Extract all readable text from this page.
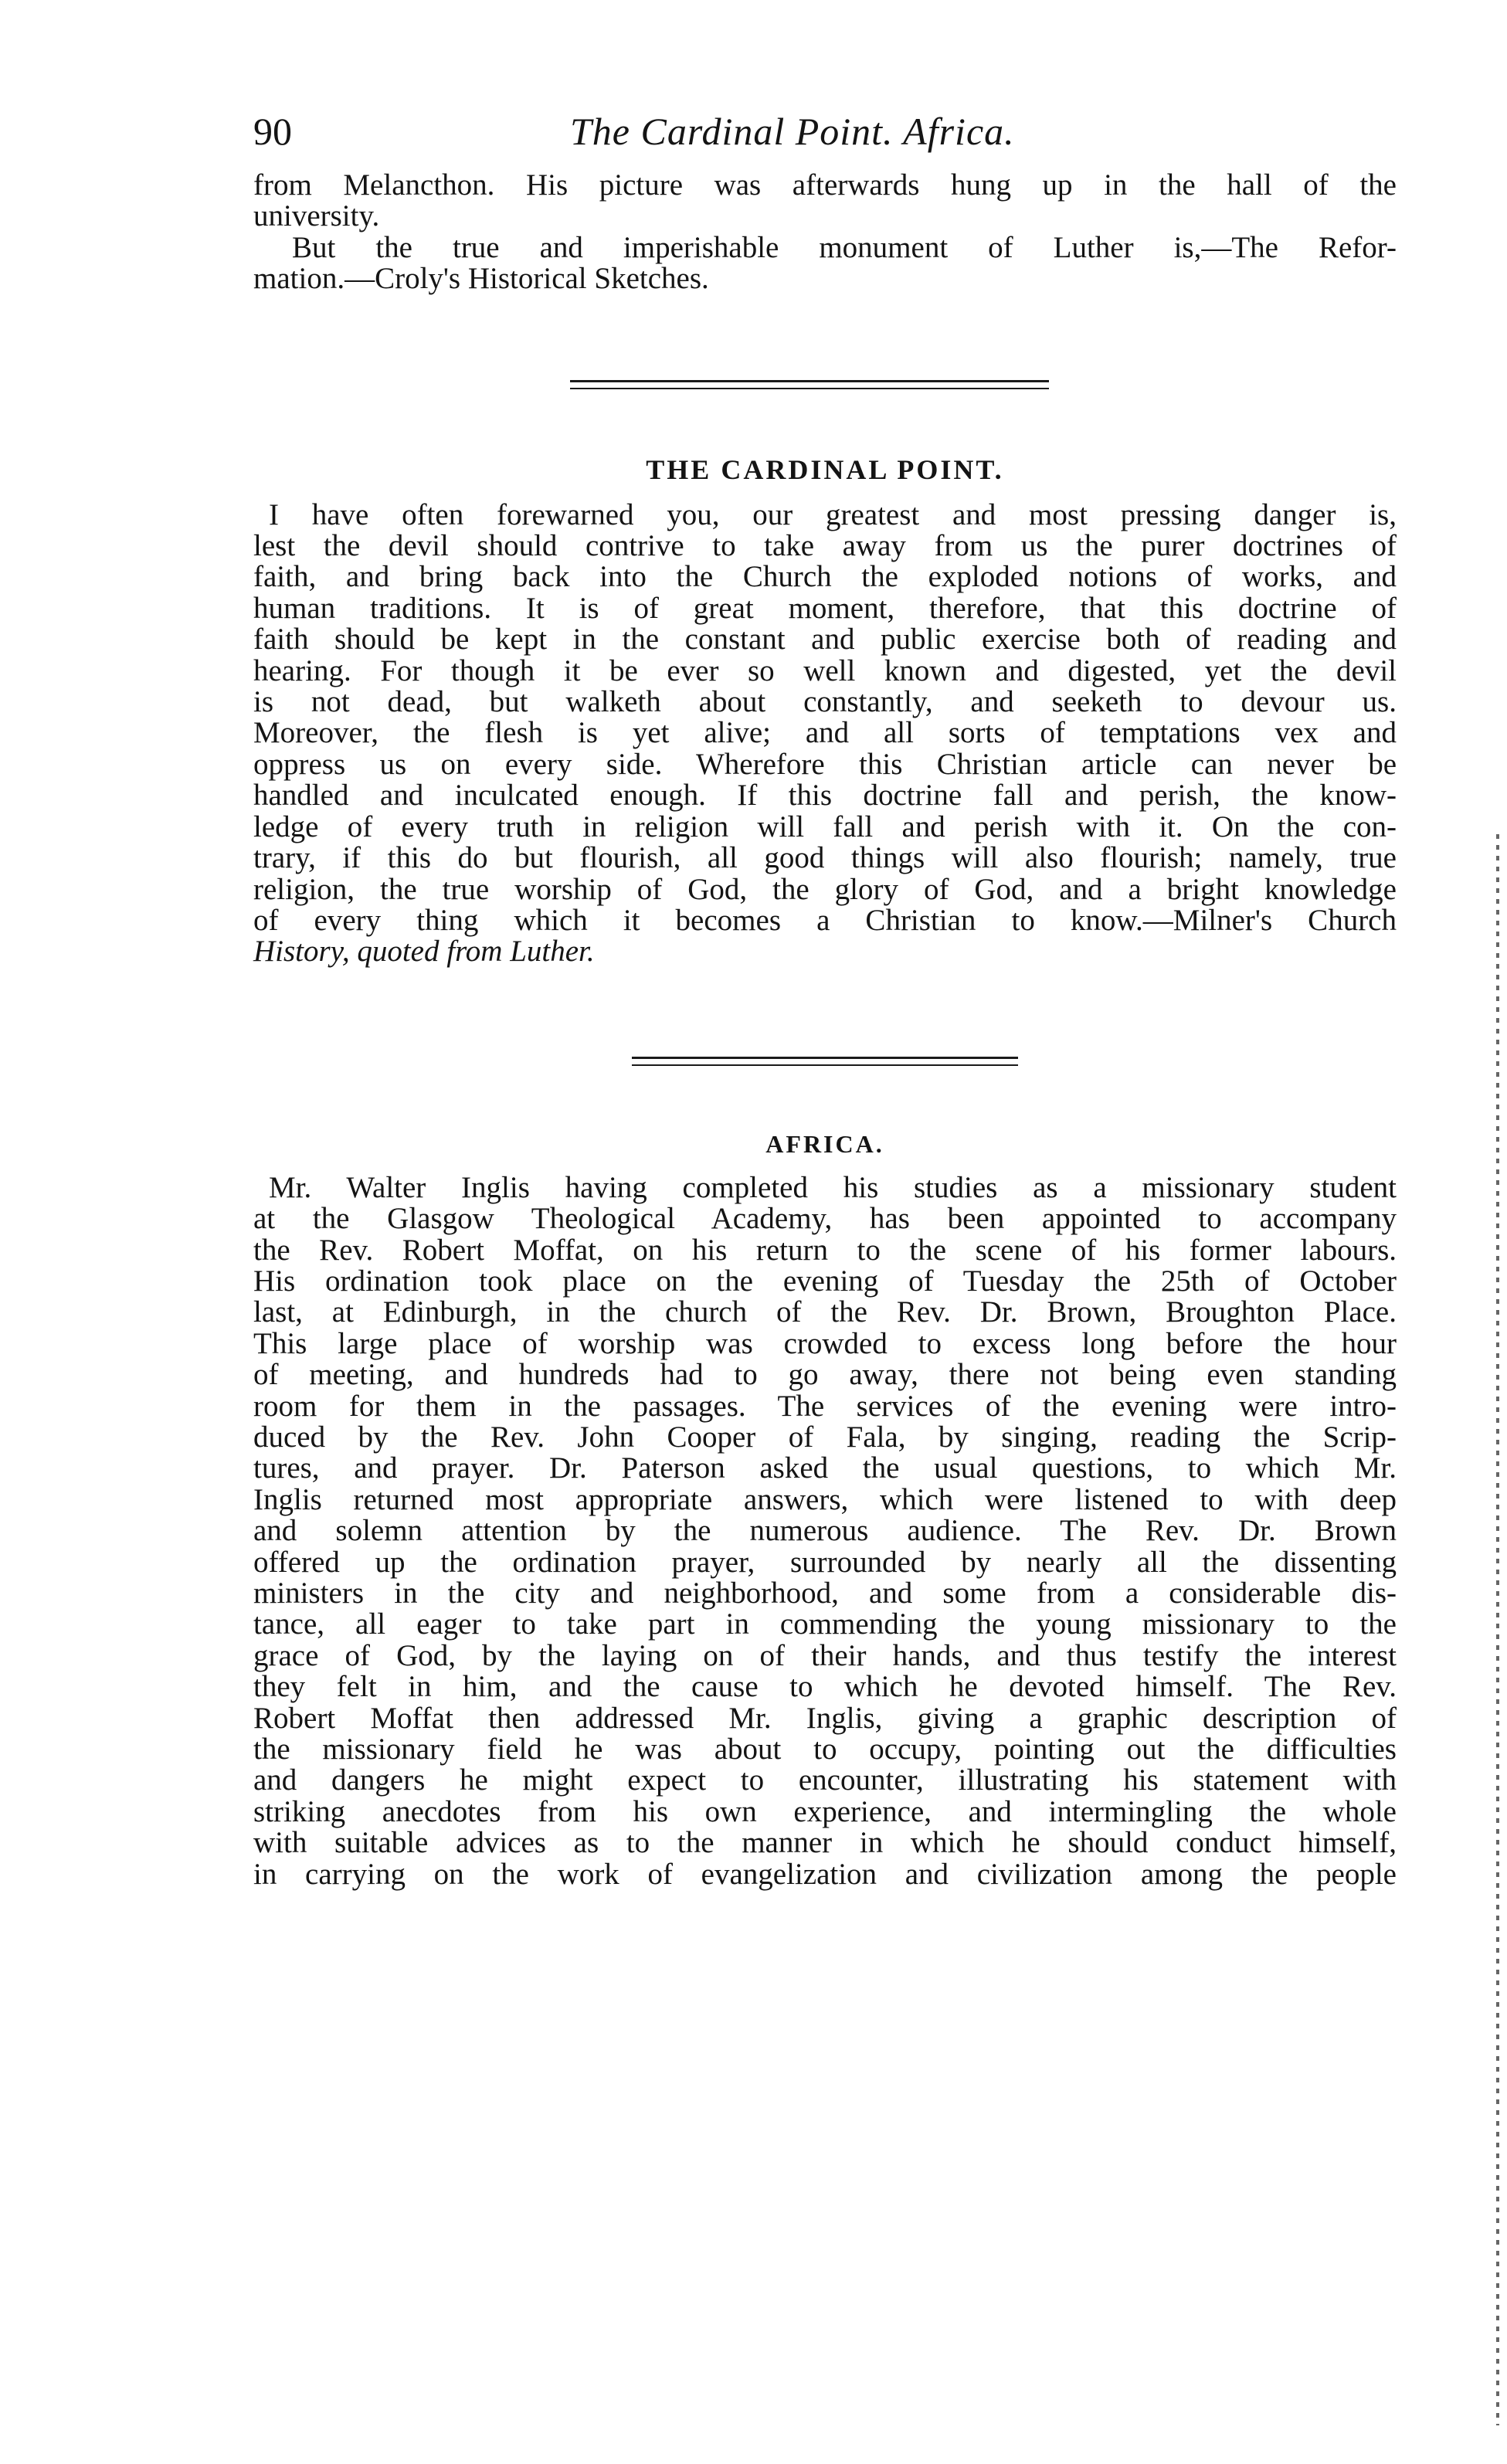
90	The Cardinal Point. Africa.
from Melancthon. His picture was afterwards hung up in the hall of the
university.
But the true and imperishable monument of Luther is,—The Refor-
mation.—Croly's Historical Sketches.
THE CARDINAL POINT.
I have often forewarned you, our greatest and most pressing danger is,
lest the devil should contrive to take away from us the purer doctrines of
faith, and bring back into the Church the exploded notions of works, and
human traditions. It is of great moment, therefore, that this doctrine of
faith should be kept in the constant and public exercise both of reading and
hearing. For though it be ever so well known and digested, yet the devil
is not dead, but walketh about constantly, and seeketh to devour us.
Moreover, the flesh is yet alive; and all sorts of temptations vex and
oppress us on every side. Wherefore this Christian article can never be
handled and inculcated enough. If this doctrine fall and perish, the know-
ledge of every truth in religion will fall and perish with it. On the con-
trary, if this do but flourish, all good things will also flourish; namely, true
religion, the true worship of God, the glory of God, and a bright knowledge
of every thing which it becomes a Christian to know.—Milner's Church
History, quoted from Luther.
AFRICA.
Mr. Walter Inglis having completed his studies as a missionary student
at the Glasgow Theological Academy, has been appointed to accompany
the Rev. Robert Moffat, on his return to the scene of his former labours.
His ordination took place on the evening of Tuesday the 25th of October
last, at Edinburgh, in the church of the Rev. Dr. Brown, Broughton Place.
This large place of worship was crowded to excess long before the hour
of meeting, and hundreds had to go away, there not being even standing
room for them in the passages. The services of the evening were intro-
duced by the Rev. John Cooper of Fala, by singing, reading the Scrip-
tures, and prayer. Dr. Paterson asked the usual questions, to which Mr.
Inglis returned most appropriate answers, which were listened to with deep
and solemn attention by the numerous audience. The Rev. Dr. Brown
offered up the ordination prayer, surrounded by nearly all the dissenting
ministers in the city and neighborhood, and some from a considerable dis-
tance, all eager to take part in commending the young missionary to the
grace of God, by the laying on of their hands, and thus testify the interest
they felt in him, and the cause to which he devoted himself. The Rev.
Robert Moffat then addressed Mr. Inglis, giving a graphic description of
the missionary field he was about to occupy, pointing out the difficulties
and dangers he might expect to encounter, illustrating his statement with
striking anecdotes from his own experience, and intermingling the whole
with suitable advices as to the manner in which he should conduct himself,
in carrying on the work of evangelization and civilization among the people
